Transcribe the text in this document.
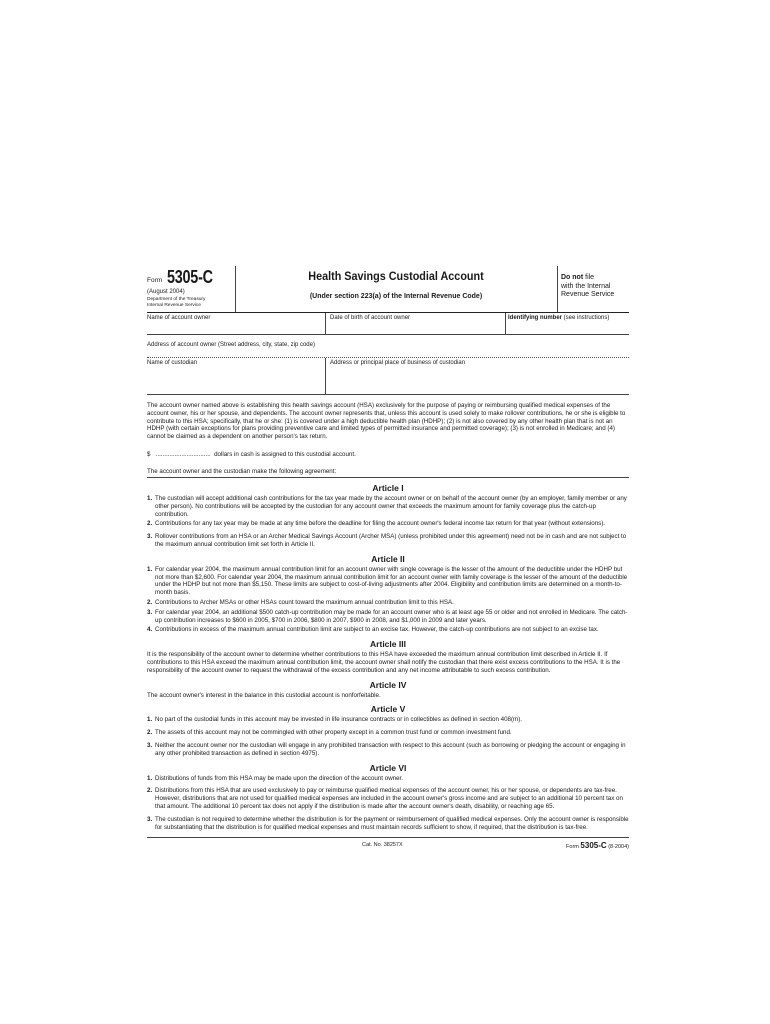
Form 5305-C
(August 2004)
Department of the Treasury
Internal Revenue Service
Health Savings Custodial Account
(Under section 223(a) of the Internal Revenue Code)
Do not file
with the Internal
Revenue Service
Name of account owner	Date of birth of account owner	Identifying number (see instructions)
Address of account owner (Street address, city, state, zip code)
Name of custodian	Address or principal place of business of custodian
The account owner named above is establishing this health savings account (HSA) exclusively for the purpose of paying or reimbursing qualified medical expenses of the account owner, his or her spouse, and dependents. The account owner represents that, unless this account is used solely to make rollover contributions, he or she is eligible to contribute to this HSA; specifically, that he or she: (1) is covered under a high deductible health plan (HDHP); (2) is not also covered by any other health plan that is not an HDHP (with certain exceptions for plans providing preventive care and limited types of permitted insurance and permitted coverage); (3) is not enrolled in Medicare; and (4) cannot be claimed as a dependent on another person's tax return.
$ ................................ dollars in cash is assigned to this custodial account.
The account owner and the custodian make the following agreement:
Article I
1. The custodian will accept additional cash contributions for the tax year made by the account owner or on behalf of the account owner (by an employer, family member or any other person). No contributions will be accepted by the custodian for any account owner that exceeds the maximum amount for family coverage plus the catch-up contribution.
2. Contributions for any tax year may be made at any time before the deadline for filing the account owner's federal income tax return for that year (without extensions).
3. Rollover contributions from an HSA or an Archer Medical Savings Account (Archer MSA) (unless prohibited under this agreement) need not be in cash and are not subject to the maximum annual contribution limit set forth in Article II.
Article II
1. For calendar year 2004, the maximum annual contribution limit for an account owner with single coverage is the lesser of the amount of the deductible under the HDHP but not more than $2,600. For calendar year 2004, the maximum annual contribution limit for an account owner with family coverage is the lesser of the amount of the deductible under the HDHP but not more than $5,150. These limits are subject to cost-of-living adjustments after 2004. Eligibility and contribution limits are determined on a month-to-month basis.
2. Contributions to Archer MSAs or other HSAs count toward the maximum annual contribution limit to this HSA.
3. For calendar year 2004, an additional $500 catch-up contribution may be made for an account owner who is at least age 55 or older and not enrolled in Medicare. The catch-up contribution increases to $600 in 2005, $700 in 2006, $800 in 2007, $900 in 2008, and $1,000 in 2009 and later years.
4. Contributions in excess of the maximum annual contribution limit are subject to an excise tax. However, the catch-up contributions are not subject to an excise tax.
Article III
It is the responsibility of the account owner to determine whether contributions to this HSA have exceeded the maximum annual contribution limit described in Article II. If contributions to this HSA exceed the maximum annual contribution limit, the account owner shall notify the custodian that there exist excess contributions to the HSA. It is the responsibility of the account owner to request the withdrawal of the excess contribution and any net income attributable to such excess contribution.
Article IV
The account owner's interest in the balance in this custodial account is nonforfeitable.
Article V
1. No part of the custodial funds in this account may be invested in life insurance contracts or in collectibles as defined in section 408(m).
2. The assets of this account may not be commingled with other property except in a common trust fund or common investment fund.
3. Neither the account owner nor the custodian will engage in any prohibited transaction with respect to this account (such as borrowing or pledging the account or engaging in any other prohibited transaction as defined in section 4975).
Article VI
1. Distributions of funds from this HSA may be made upon the direction of the account owner.
2. Distributions from this HSA that are used exclusively to pay or reimburse qualified medical expenses of the account owner, his or her spouse, or dependents are tax-free. However, distributions that are not used for qualified medical expenses are included in the account owner's gross income and are subject to an additional 10 percent tax on that amount. The additional 10 percent tax does not apply if the distribution is made after the account owner's death, disability, or reaching age 65.
3. The custodian is not required to determine whether the distribution is for the payment or reimbursement of qualified medical expenses. Only the account owner is responsible for substantiating that the distribution is for qualified medical expenses and must maintain records sufficient to show, if required, that the distribution is tax-free.
Cat. No. 38257X	Form 5305-C (8-2004)
